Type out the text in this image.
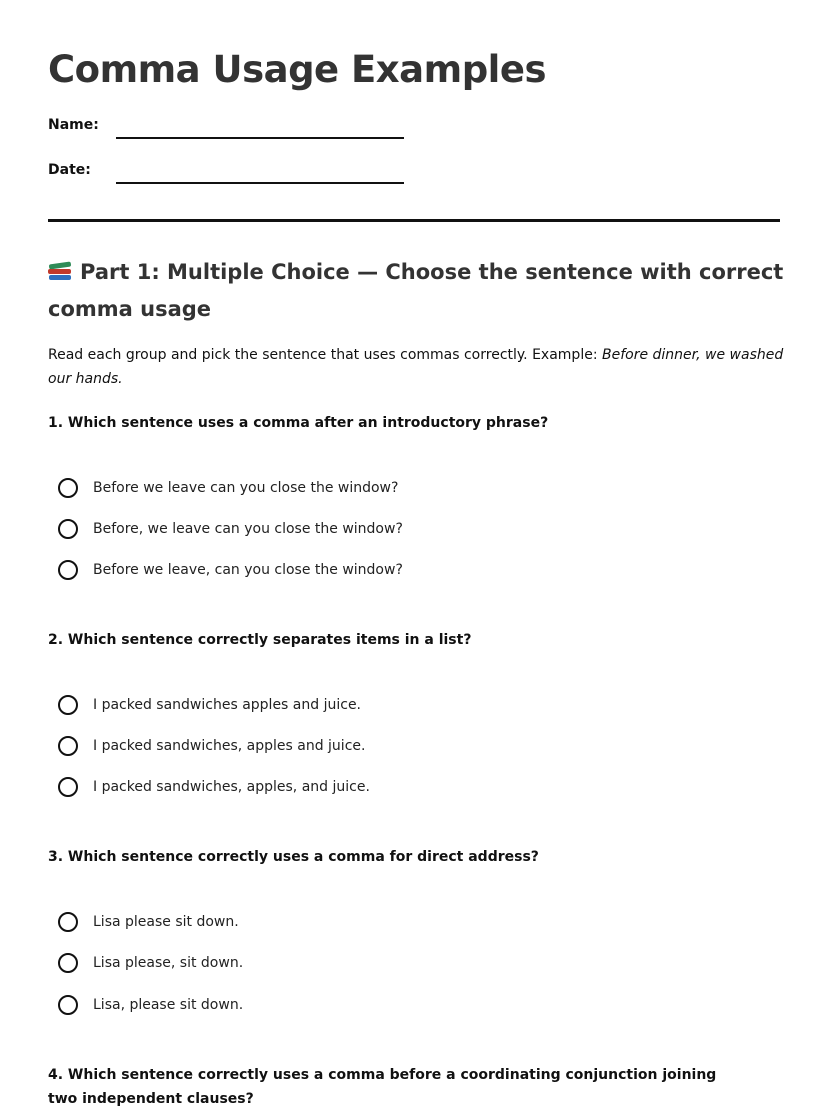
Comma Usage Examples
Name:
Date:
Part 1: Multiple Choice — Choose the sentence with correct comma usage

Read each group and pick the sentence that uses commas correctly. Example: Before dinner, we washed our hands.

1. Which sentence uses a comma after an introductory phrase?

Before we leave can you close the window?
Before, we leave can you close the window?
Before we leave, can you close the window?

2. Which sentence correctly separates items in a list?

I packed sandwiches apples and juice.
I packed sandwiches, apples and juice.
I packed sandwiches, apples, and juice.

3. Which sentence correctly uses a comma for direct address?

Lisa please sit down.
Lisa please, sit down.
Lisa, please sit down.

4. Which sentence correctly uses a comma before a coordinating conjunction joining two independent clauses?
